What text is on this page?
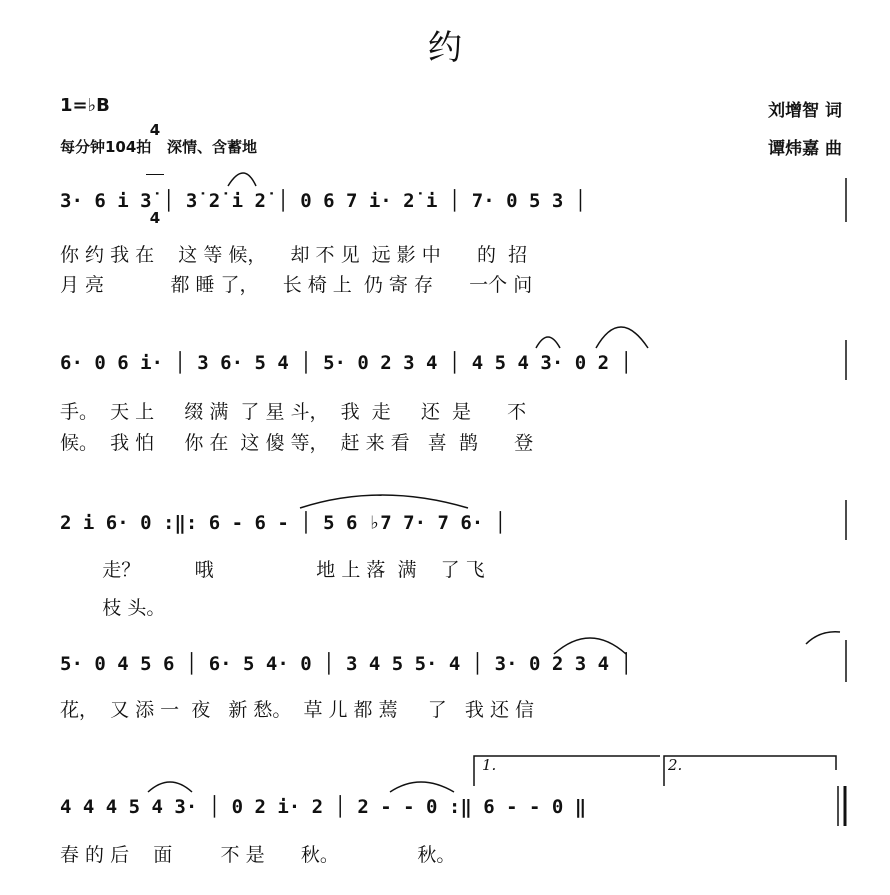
约
1=♭B

4

4

每分钟104拍   深情、含蓄地
刘增智 词
谭炜嘉 曲
3· 6 i 3̇ │ 3̇ 2̇ i 2̇ │ 0 6 7 i· 2̇ i │ 7· 0 5 3 │
你 约 我 在    这 等 候，    却 不 见  远 影 中      的  招
月 亮           都 睡 了，    长 椅 上  仍 寄 存      一个 问
6· 0 6 i· │ 3 6· 5 4 │ 5· 0 2 3 4 │ 4 5 4 3· 0 2 │
手。  天 上     缀 满  了 星 斗，  我  走     还  是      不
候。  我 怕     你 在  这 傻 等，  赶 来 看   喜  鹊      登
2 i 6· 0 :‖: 6 - 6 - │ 5 6 ♭7 7· 7 6· │
走？         哦                 地 上 落  满    了 飞
枝 头。
5· 0 4 5 6 │ 6· 5 4· 0 │ 3 4 5 5· 4 │ 3· 0 2 3 4 │
花，  又 添 一  夜   新 愁。  草 儿 都 蔫     了   我 还 信
1.	2.
4 4 4 5 4 3· │ 0 2 i· 2 │ 2 - - 0 :‖ 6 - - 0 ‖
春 的 后    面        不 是      秋。             秋。
